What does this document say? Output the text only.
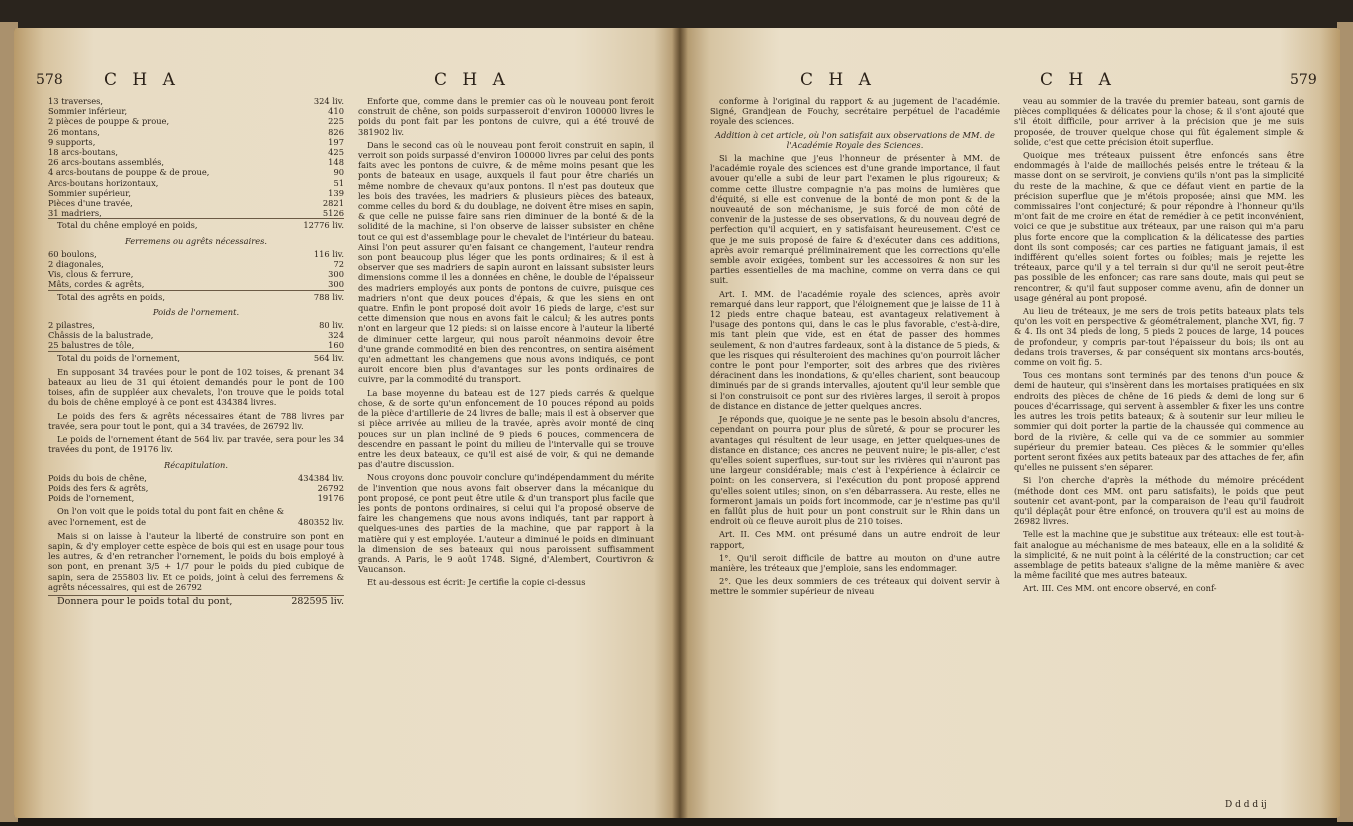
578 C H A	C H A
13 traverses,	324 liv.
Sommier inférieur,	410
2 pièces de pouppe & proue,	225
26 montans,	826
9 supports,	197
18 arcs-boutans,	425
26 arcs-boutans assemblés,	148
4 arcs-boutans de pouppe & de proue,	90
Arcs-boutans horizontaux,	51
Sommier supérieur,	139
Pièces d'une travée,	2821
31 madriers,	5126
Total du chêne employé en poids,	12776 liv.

Ferremens ou agrêts nécessaires.

60 boulons,	116 liv.
2 diagonales,	72
Vis, clous & ferrure,	300
Mâts, cordes & agrêts,	300
Total des agrêts en poids,	788 liv.

Poids de l'ornement.

2 pilastres,	80 liv.
Châssis de la balustrade,	324
25 balustres de tôle,	160
Total du poids de l'ornement,	564 liv.

En supposant 34 travées pour le pont de 102 toises, & prenant 34 bateaux au lieu de 31 qui étoient demandés pour le pont de 100 toises, afin de suppléer aux chevalets, l'on trouve que le poids total du bois de chêne employé à ce pont est 434384 livres.

Le poids des fers & agrêts nécessaires étant de 788 livres par travée, sera pour tout le pont, qui a 34 travées, de 26792 liv.

Le poids de l'ornement étant de 564 liv. par travée, sera pour les 34 travées du pont, de 19176 liv.

Récapitulation.

Poids du bois de chêne,	434384 liv.
Poids des fers & agrêts,	26792
Poids de l'ornement,	19176
On l'on voit que le poids total du pont fait en chêne & avec l'ornement, est de	480352 liv.

Mais si on laisse à l'auteur la liberté de construire son pont en sapin, & d'y employer cette espèce de bois qui est en usage pour tous les autres, & d'en retrancher l'ornement, le poids du bois employé à son pont, en prenant 3/5 + 1/7 pour le poids du pied cubique de sapin, sera de 255803 liv. Et ce poids, joint à celui des ferremens & agrêts nécessaires, qui est de 26792

Donnera pour le poids total du pont,	282595 liv.

Enforte que, comme dans le premier cas où le nouveau pont feroit construit de chêne, son poids surpasseroit d'environ 100000 livres le poids du pont fait par les pontons de cuivre, qui a été trouvé de 381902 liv.

Dans le second cas où le nouveau pont feroit construit en sapin, il verroit son poids surpassé d'environ 100000 livres par celui des ponts faits avec les pontons de cuivre, & de même moins pesant que les ponts de bateaux en usage, auxquels il faut pour être chariés un même nombre de chevaux qu'aux pontons. Il n'est pas douteux que les bois des travées, les madriers & plusieurs pièces des bateaux, comme celles du bord & du doublage, ne doivent être mises en sapin, & que celle ne puisse faire sans rien diminuer de la bonté & de la solidité de la machine, si l'on observe de laisser subsister en chêne tout ce qui est d'assemblage pour le chevalet de l'intérieur du bateau. Ainsi l'on peut assurer qu'en faisant ce changement, l'auteur rendra son pont beaucoup plus léger que les ponts ordinaires; & il est à observer que ses madriers de sapin auront en laissant subsister leurs dimensions comme il les a données en chêne, le double de l'épaisseur des madriers employés aux ponts de pontons de cuivre, puisque ces madriers n'ont que deux pouces d'épais, & que les siens en ont quatre. Enfin le pont proposé doit avoir 16 pieds de large, c'est sur cette dimension que nous en avons fait le calcul; & les autres ponts n'ont en largeur que 12 pieds: si on laisse encore à l'auteur la liberté de diminuer cette largeur, qui nous paroît néanmoins devoir être d'une grande commodité en bien des rencontres, on sentira aisément qu'en admettant les changemens que nous avons indiqués, ce pont auroit encore bien plus d'avantages sur les ponts ordinaires de cuivre, par la commodité du transport.

La base moyenne du bateau est de 127 pieds carrés & quelque chose, & de sorte qu'un enfoncement de 10 pouces répond au poids de la pièce d'artillerie de 24 livres de balle; mais il est à observer que si pièce arrivée au milieu de la travée, après avoir monté de cinq pouces sur un plan incliné de 9 pieds 6 pouces, commencera de descendre en passant le point du milieu de l'intervalle qui se trouve entre les deux bateaux, ce qu'il est aisé de voir, & qui ne demande pas d'autre discussion.

Nous croyons donc pouvoir conclure qu'indépendamment du mérite de l'invention que nous avons fait observer dans la mécanique du pont proposé, ce pont peut être utile & d'un transport plus facile que les ponts de pontons ordinaires, si celui qui l'a proposé observe de faire les changemens que nous avons indiqués, tant par rapport à quelques-unes des parties de la machine, que par rapport à la matière qui y est employée. L'auteur a diminué le poids en diminuant la dimension de ses bateaux qui nous paroissent suffisamment grands. A Paris, le 9 août 1748. Signé, d'Alembert, Courtivron & Vaucanson.

Et au-dessous est écrit: Je certifie la copie ci-dessus

C H A	C H A	579

conforme à l'original du rapport & au jugement de l'académie. Signé, Grandjean de Fouchy, secrétaire perpétuel de l'académie royale des sciences.

Addition à cet article, où l'on satisfait aux observations de MM. de l'Académie Royale des Sciences.

Si la machine que j'eus l'honneur de présenter à MM. de l'académie royale des sciences est d'une grande importance, il faut avouer qu'elle a subi de leur part l'examen le plus rigoureux; & comme cette illustre compagnie n'a pas moins de lumières que d'équité, si elle est convenue de la bonté de mon pont & de la nouveauté de son méchanisme, je suis forcé de mon côté de convenir de la justesse de ses observations, & du nouveau degré de perfection qu'il acquiert, en y satisfaisant heureusement. C'est ce que je me suis proposé de faire & d'exécuter dans ces additions, après avoir remarqué préliminairement que les corrections qu'elle semble avoir exigées, tombent sur les accessoires & non sur les parties essentielles de ma machine, comme on verra dans ce qui suit.

Art. I. MM. de l'académie royale des sciences, après avoir remarqué dans leur rapport, que l'éloignement que je laisse de 11 à 12 pieds entre chaque bateau, est avantageux relativement à l'usage des pontons qui, dans le cas le plus favorable, c'est-à-dire, mis tant plein que vide, est en état de passer des hommes seulement, & non d'autres fardeaux, sont à la distance de 5 pieds, & que les risques qui résulteroient des machines qu'on pourroit lâcher contre le pont pour l'emporter, soit des arbres que des rivières déracinent dans les inondations, & qu'elles charient, sont beaucoup diminués par de si grands intervalles, ajoutent qu'il leur semble que si l'on construisoit ce pont sur des rivières larges, il seroit à propos de distance en distance de jetter quelques ancres.

Je réponds que, quoique je ne sente pas le besoin absolu d'ancres, cependant on pourra pour plus de sûreté, & pour se procurer les avantages qui résultent de leur usage, en jetter quelques-unes de distance en distance; ces ancres ne peuvent nuire; le pis-aller, c'est qu'elles soient superflues, sur-tout sur les rivières qui n'auront pas une largeur considérable; mais c'est à l'expérience à éclaircir ce point: on les conservera, si l'exécution du pont proposé apprend qu'elles soient utiles; sinon, on s'en débarrassera. Au reste, elles ne formeront jamais un poids fort incommode, car je n'estime pas qu'il en fallût plus de huit pour un pont construit sur le Rhin dans un endroit où ce fleuve auroit plus de 210 toises.

Art. II. Ces MM. ont présumé dans un autre endroit de leur rapport,

1°. Qu'il seroit difficile de battre au mouton on d'une autre manière, les tréteaux que j'emploie, sans les endommager.

2°. Que les deux sommiers de ces tréteaux qui doivent servir à mettre le sommier supérieur de niveau

veau au sommier de la travée du premier bateau, sont garnis de pièces compliquées & délicates pour la chose; & il s'ont ajouté que s'il étoit difficile, pour arriver à la précision que je me suis proposée, de trouver quelque chose qui fût également simple & solide, c'est que cette précision étoit superflue.

Quoique mes tréteaux puissent être enfoncés sans être endommagés à l'aide de maillochés peisés entre le tréteau & la masse dont on se serviroit, je conviens qu'ils n'ont pas la simplicité du reste de la machine, & que ce défaut vient en partie de la précision superflue que je m'étois proposée; ainsi que MM. les commissaires l'ont conjecturé; & pour répondre à l'honneur qu'ils m'ont fait de me croire en état de remédier à ce petit inconvénient, voici ce que je substitue aux tréteaux, par une raison qui m'a paru plus forte encore que la complication & la délicatesse des parties dont ils sont composés; car ces parties ne fatiguant jamais, il est indifférent qu'elles soient fortes ou foibles; mais je rejette les tréteaux, parce qu'il y a tel terrain si dur qu'il ne seroit peut-être pas possible de les enfoncer; cas rare sans doute, mais qui peut se rencontrer, & qu'il faut supposer comme avenu, afin de donner un usage général au pont proposé.

Au lieu de tréteaux, je me sers de trois petits bateaux plats tels qu'on les voit en perspective & géométralement, planche XVI, fig. 7 & 4. Ils ont 34 pieds de long, 5 pieds 2 pouces de large, 14 pouces de profondeur, y compris par-tout l'épaisseur du bois; ils ont au dedans trois traverses, & par conséquent six montans arcs-boutés, comme on voit fig. 5.

Tous ces montans sont terminés par des tenons d'un pouce & demi de hauteur, qui s'insèrent dans les mortaises pratiquées en six endroits des pièces de chêne de 16 pieds & demi de long sur 6 pouces d'écarrissage, qui servent à assembler & fixer les uns contre les autres les trois petits bateaux; & à soutenir sur leur milieu le sommier qui doit porter la partie de la chaussée qui commence au bord de la rivière, & celle qui va de ce sommier au sommier supérieur du premier bateau. Ces pièces & le sommier qu'elles portent seront fixées aux petits bateaux par des attaches de fer, afin qu'elles ne puissent s'en séparer.

Si l'on cherche d'après la méthode du mémoire précédent (méthode dont ces MM. ont paru satisfaits), le poids que peut soutenir cet avant-pont, par la comparaison de l'eau qu'il faudroit qu'il déplaçât pour être enfoncé, on trouvera qu'il est au moins de 26982 livres.

Telle est la machine que je substitue aux tréteaux: elle est tout-à-fait analogue au méchanisme de mes bateaux, elle en a la solidité & la simplicité, & ne nuit point à la célérité de la construction; car cet assemblage de petits bateaux s'aligne de la même manière & avec la même facilité que mes autres bateaux.

Art. III. Ces MM. ont encore observé, en conf-

D d d d ij
